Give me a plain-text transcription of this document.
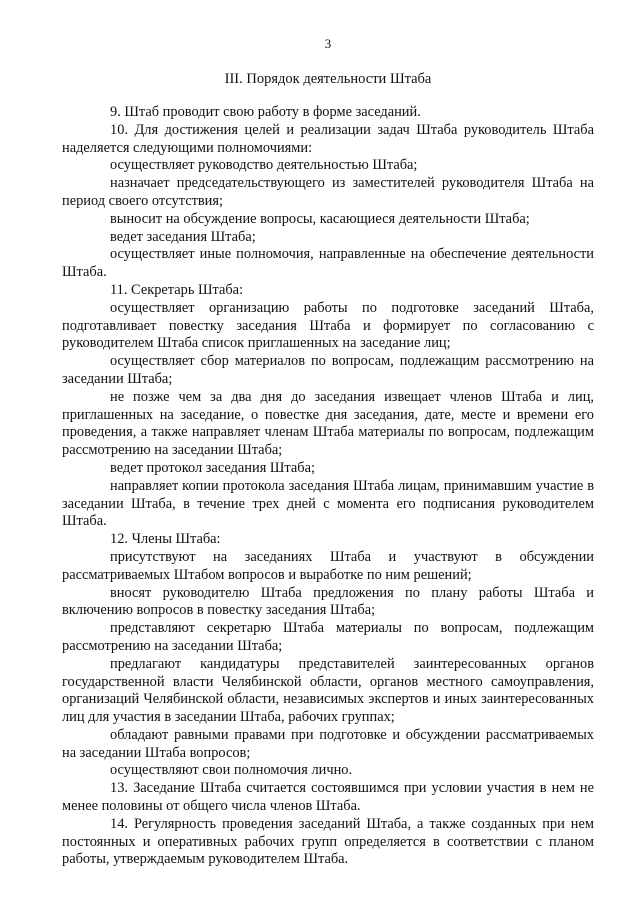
3
III. Порядок деятельности Штаба

9. Штаб проводит свою работу в форме заседаний.

10. Для достижения целей и реализации задач Штаба руководитель Штаба наделяется следующими полномочиями:

осуществляет руководство деятельностью Штаба;

назначает председательствующего из заместителей руководителя Штаба на период своего отсутствия;

выносит на обсуждение вопросы, касающиеся деятельности Штаба;

ведет заседания Штаба;

осуществляет иные полномочия, направленные на обеспечение деятельности Штаба.

11. Секретарь Штаба:

осуществляет организацию работы по подготовке заседаний Штаба, подготавливает повестку заседания Штаба и формирует по согласованию с руководителем Штаба список приглашенных на заседание лиц;

осуществляет сбор материалов по вопросам, подлежащим рассмотрению на заседании Штаба;

не позже чем за два дня до заседания извещает членов Штаба и лиц, приглашенных на заседание, о повестке дня заседания, дате, месте и времени его проведения, а также направляет членам Штаба материалы по вопросам, подлежащим рассмотрению на заседании Штаба;

ведет протокол заседания Штаба;

направляет копии протокола заседания Штаба лицам, принимавшим участие в заседании Штаба, в течение трех дней с момента его подписания руководителем Штаба.

12. Члены Штаба:

присутствуют на заседаниях Штаба и участвуют в обсуждении рассматриваемых Штабом вопросов и выработке по ним решений;

вносят руководителю Штаба предложения по плану работы Штаба и включению вопросов в повестку заседания Штаба;

представляют секретарю Штаба материалы по вопросам, подлежащим рассмотрению на заседании Штаба;

предлагают кандидатуры представителей заинтересованных органов государственной власти Челябинской области, органов местного самоуправления, организаций Челябинской области, независимых экспертов и иных заинтересованных лиц для участия в заседании Штаба, рабочих группах;

обладают равными правами при подготовке и обсуждении рассматриваемых на заседании Штаба вопросов;

осуществляют свои полномочия лично.

13. Заседание Штаба считается состоявшимся при условии участия в нем не менее половины от общего числа членов Штаба.

14. Регулярность проведения заседаний Штаба, а также созданных при нем постоянных и оперативных рабочих групп определяется в соответствии с планом работы, утверждаемым руководителем Штаба.
